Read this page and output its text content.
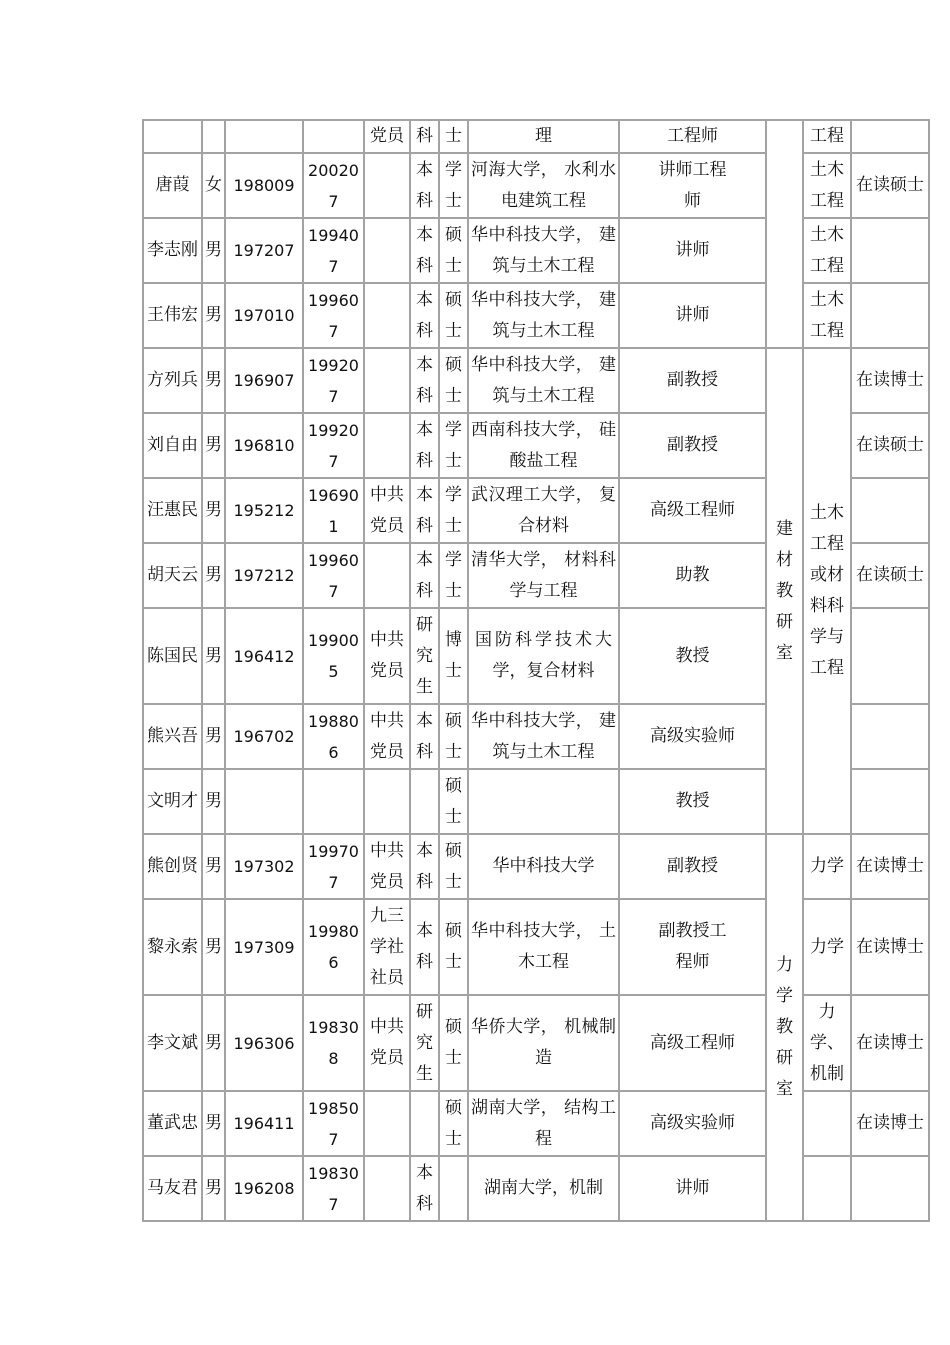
				党员	科	士	理	工程师		工程	
唐葭	女	198009	200207		本科	学士	河海大学， 水利水电建筑工程	讲师工程师		土木工程	在读硕士
李志刚	男	197207	199407		本科	硕士	华中科技大学， 建筑与土木工程	讲师		土木工程	
王伟宏	男	197010	199607		本科	硕士	华中科技大学， 建筑与土木工程	讲师		土木工程	
方列兵	男	196907	199207		本科	硕士	华中科技大学， 建筑与土木工程	副教授	建材教研室	土木工程或材料科学与工程	在读博士
刘自由	男	196810	199207		本科	学士	西南科技大学， 硅酸盐工程	副教授			在读硕士
汪惠民	男	195212	196901	中共党员	本科	学士	武汉理工大学， 复合材料	高级工程师			
胡天云	男	197212	199607		本科	学士	清华大学， 材料科学与工程	助教			在读硕士
陈国民	男	196412	199005	中共党员	研究生	博士	国防科学技术大学，复合材料	教授			
熊兴吾	男	196702	198806	中共党员	本科	硕士	华中科技大学， 建筑与土木工程	高级实验师			
文明才	男					硕士		教授			
熊创贤	男	197302	199707	中共党员	本科	硕士	华中科技大学	副教授	力学教研室	力学	在读博士
黎永索	男	197309	199806	九三学社社员	本科	硕士	华中科技大学， 土木工程	副教授工程师		力学	在读博士
李文斌	男	196306	198308	中共党员	研究生	硕士	华侨大学， 机械制造	高级工程师		力学、机制	在读博士
董武忠	男	196411	198507			硕士	湖南大学， 结构工程	高级实验师			在读博士
马友君	男	196208	198307		本科		湖南大学，机制	讲师			
